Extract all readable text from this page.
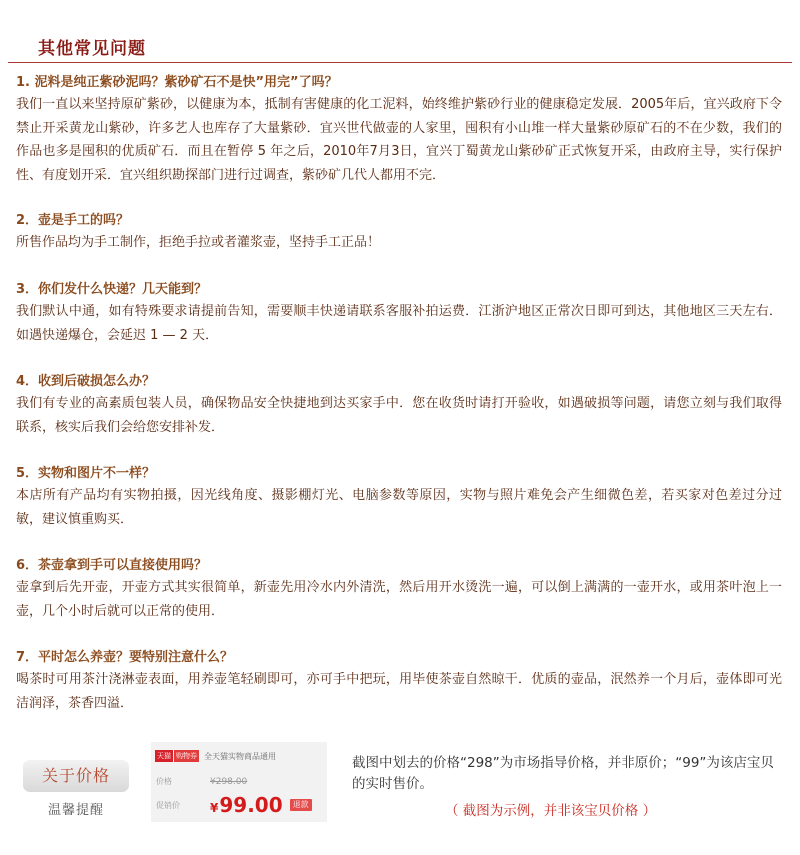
其他常见问题
1. 泥料是纯正紫砂泥吗？紫砂矿石不是快”用完”了吗？
我们一直以来坚持原矿紫砂，以健康为本，抵制有害健康的化工泥料，始终维护紫砂行业的健康稳定发展．2005年后，宜兴政府下令禁止开采黄龙山紫砂，许多艺人也库存了大量紫砂．宜兴世代做壶的人家里，囤积有小山堆一样大量紫砂原矿石的不在少数，我们的作品也多是囤积的优质矿石．而且在暂停 5 年之后，2010年7月3日，宜兴丁蜀黄龙山紫砂矿正式恢复开采，由政府主导，实行保护性、有度划开采．宜兴组织勘探部门进行过调查，紫砂矿几代人都用不完．
2．壶是手工的吗？
所售作品均为手工制作，拒绝手拉或者灌浆壶，坚持手工正品！
3．你们发什么快递？几天能到？
我们默认中通，如有特殊要求请提前告知，需要顺丰快递请联系客服补拍运费．江浙沪地区正常次日即可到达，其他地区三天左右．如遇快递爆仓，会延迟 1 — 2 天．
4．收到后破损怎么办？
我们有专业的高素质包装人员，确保物品安全快捷地到达买家手中．您在收货时请打开验收，如遇破损等问题，请您立刻与我们取得联系，核实后我们会给您安排补发．
5．实物和图片不一样？
本店所有产品均有实物拍摄，因光线角度、摄影棚灯光、电脑参数等原因，实物与照片难免会产生细微色差，若买家对色差过分过敏，建议慎重购买．
6．茶壶拿到手可以直接使用吗？
壶拿到后先开壶，开壶方式其实很简单，新壶先用冷水内外清洗，然后用开水烫洗一遍，可以倒上满满的一壶开水，或用茶叶泡上一壶，几个小时后就可以正常的使用．
7．平时怎么养壶？要特别注意什么？
喝茶时可用茶汁浇淋壶表面，用养壶笔轻刷即可，亦可手中把玩，用毕使茶壶自然晾干．优质的壶品，泯然养一个月后，壶体即可光洁润泽，茶香四溢．
关于价格
温馨提醒
天猫 购物券 全天猫实物商品通用
价格	¥298.00
促销价	¥99.00	退款
截图中划去的价格“298”为市场指导价格，并非原价；“99”为该店宝贝的实时售价。
（ 截图为示例，并非该宝贝价格 ）
